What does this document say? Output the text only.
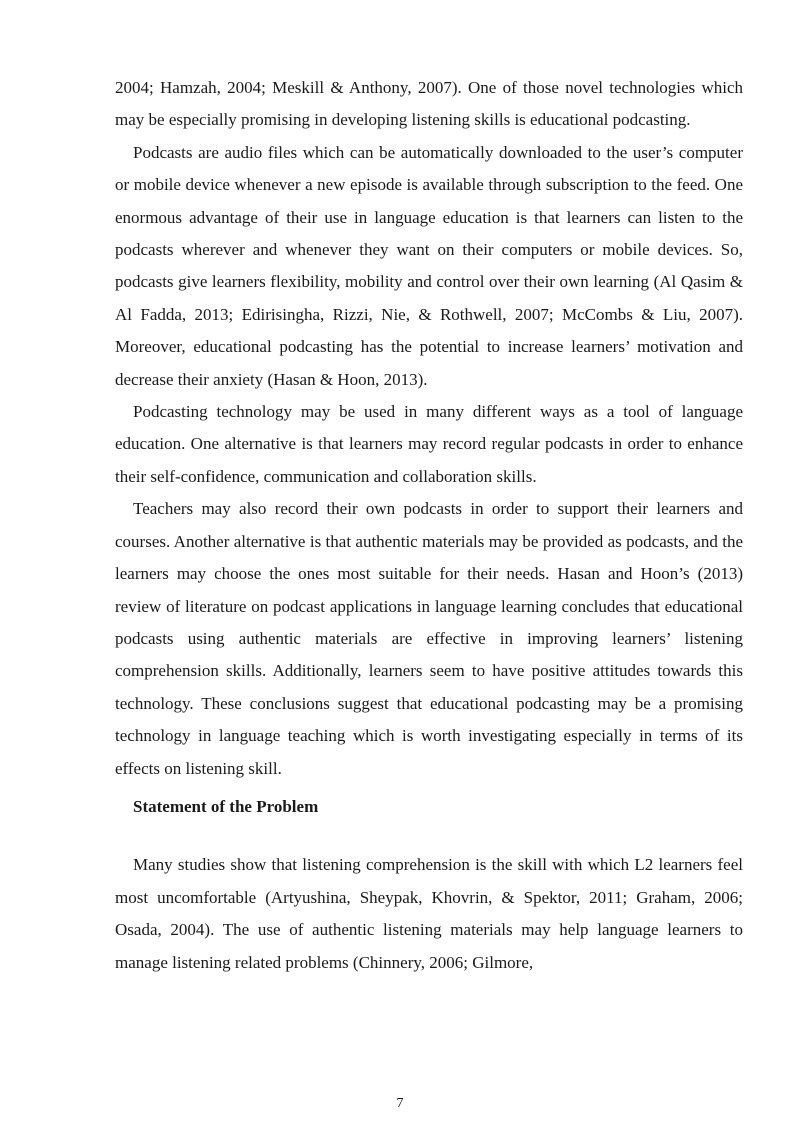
2004; Hamzah, 2004; Meskill & Anthony, 2007). One of those novel technologies which may be especially promising in developing listening skills is educational podcasting.

Podcasts are audio files which can be automatically downloaded to the user’s computer or mobile device whenever a new episode is available through subscription to the feed. One enormous advantage of their use in language education is that learners can listen to the podcasts wherever and whenever they want on their computers or mobile devices. So, podcasts give learners flexibility, mobility and control over their own learning (Al Qasim & Al Fadda, 2013; Edirisingha, Rizzi, Nie, & Rothwell, 2007; McCombs & Liu, 2007). Moreover, educational podcasting has the potential to increase learners’ motivation and decrease their anxiety (Hasan & Hoon, 2013).

Podcasting technology may be used in many different ways as a tool of language education. One alternative is that learners may record regular podcasts in order to enhance their self-confidence, communication and collaboration skills.

Teachers may also record their own podcasts in order to support their learners and courses. Another alternative is that authentic materials may be provided as podcasts, and the learners may choose the ones most suitable for their needs. Hasan and Hoon’s (2013) review of literature on podcast applications in language learning concludes that educational podcasts using authentic materials are effective in improving learners’ listening comprehension skills. Additionally, learners seem to have positive attitudes towards this technology. These conclusions suggest that educational podcasting may be a promising technology in language teaching which is worth investigating especially in terms of its effects on listening skill.

Statement of the Problem

Many studies show that listening comprehension is the skill with which L2 learners feel most uncomfortable (Artyushina, Sheypak, Khovrin, & Spektor, 2011; Graham, 2006; Osada, 2004). The use of authentic listening materials may help language learners to manage listening related problems (Chinnery, 2006; Gilmore,

7
